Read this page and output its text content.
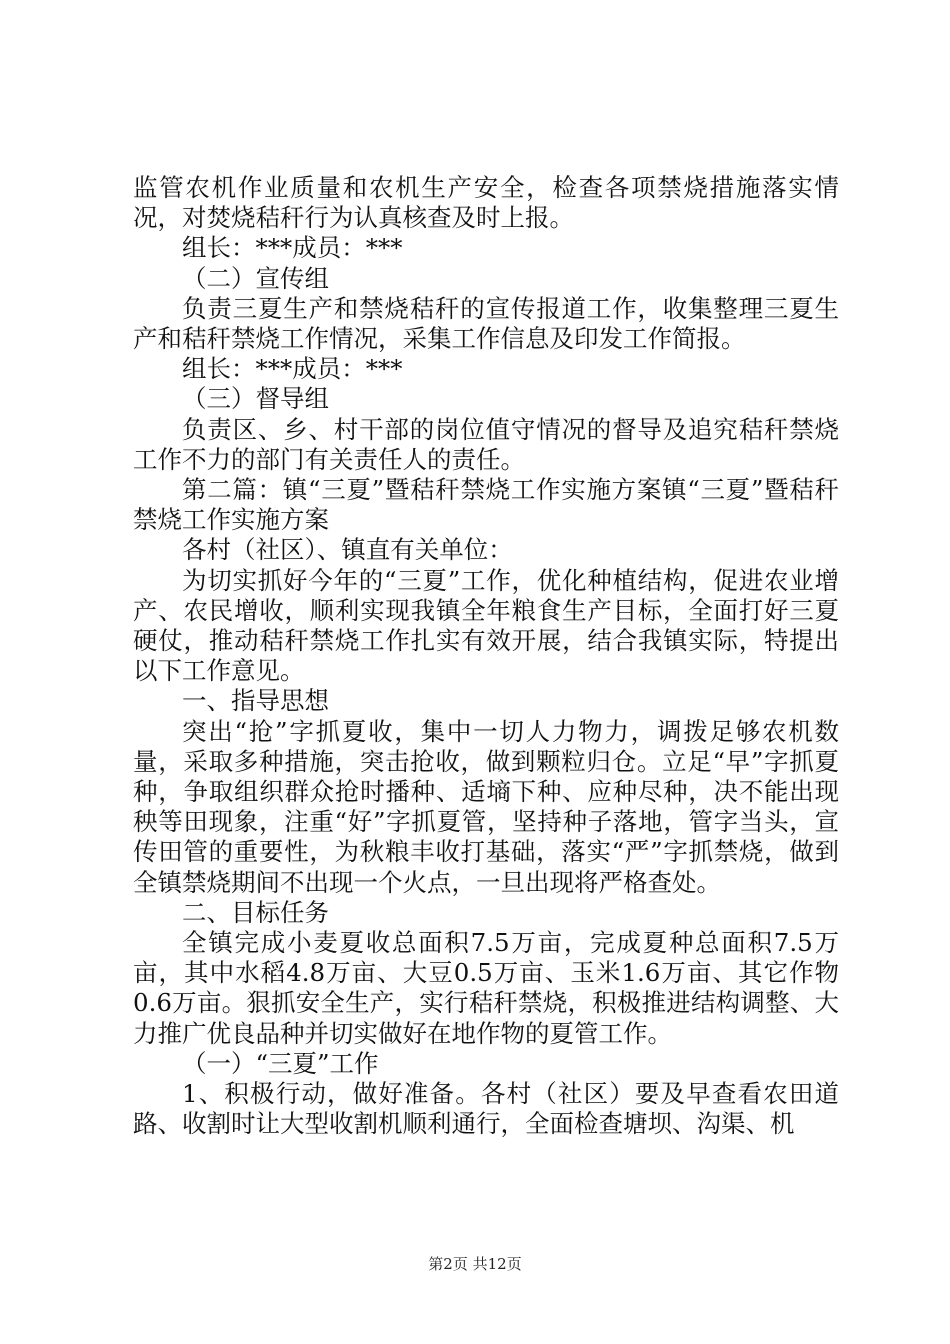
监管农机作业质量和农机生产安全，检查各项禁烧措施落实情况，对焚烧秸秆行为认真核查及时上报。

组长：***成员：***

（二）宣传组

负责三夏生产和禁烧秸秆的宣传报道工作，收集整理三夏生产和秸秆禁烧工作情况，采集工作信息及印发工作简报。

组长：***成员：***

（三）督导组

负责区、乡、村干部的岗位值守情况的督导及追究秸秆禁烧工作不力的部门有关责任人的责任。

第二篇：镇“三夏”暨秸秆禁烧工作实施方案镇“三夏”暨秸秆禁烧工作实施方案

各村（社区）、镇直有关单位：

为切实抓好今年的“三夏”工作，优化种植结构，促进农业增产、农民增收，顺利实现我镇全年粮食生产目标，全面打好三夏硬仗，推动秸秆禁烧工作扎实有效开展，结合我镇实际，特提出以下工作意见。

一、指导思想

突出“抢”字抓夏收，集中一切人力物力，调拨足够农机数量，采取多种措施，突击抢收，做到颗粒归仓。立足“早”字抓夏种，争取组织群众抢时播种、适墒下种、应种尽种，决不能出现秧等田现象，注重“好”字抓夏管，坚持种子落地，管字当头，宣传田管的重要性，为秋粮丰收打基础，落实“严”字抓禁烧，做到全镇禁烧期间不出现一个火点，一旦出现将严格查处。

二、目标任务

全镇完成小麦夏收总面积7.5万亩，完成夏种总面积7.5万亩，其中水稻4.8万亩、大豆0.5万亩、玉米1.6万亩、其它作物0.6万亩。狠抓安全生产，实行秸秆禁烧，积极推进结构调整、大力推广优良品种并切实做好在地作物的夏管工作。

（一）“三夏”工作

1、积极行动，做好准备。各村（社区）要及早查看农田道路、收割时让大型收割机顺利通行，全面检查塘坝、沟渠、机

第2页 共12页
